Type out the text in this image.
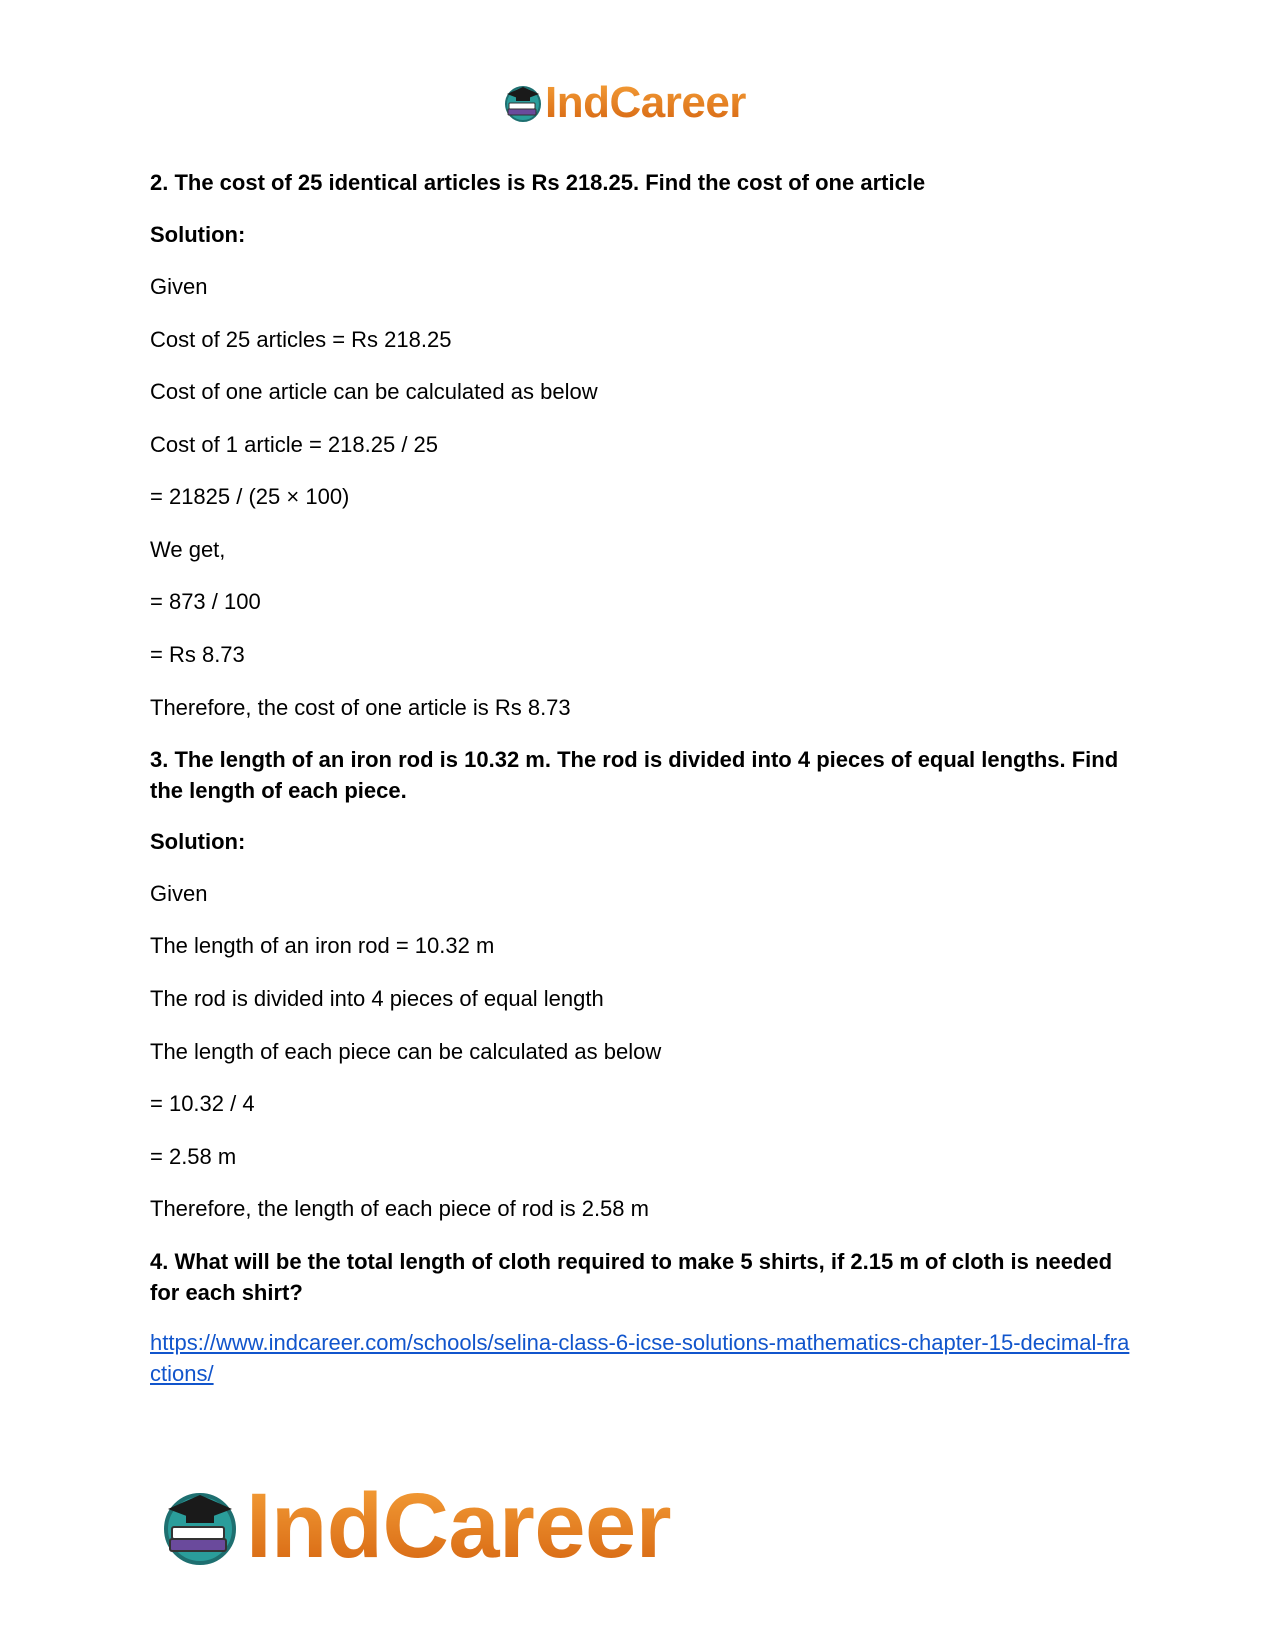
IndCareer
2. The cost of 25 identical articles is Rs 218.25. Find the cost of one article
Solution:
Given
Cost of 25 articles = Rs 218.25
Cost of one article can be calculated as below
Cost of 1 article = 218.25 / 25
= 21825 / (25 × 100)
We get,
= 873 / 100
= Rs 8.73
Therefore, the cost of one article is Rs 8.73
3. The length of an iron rod is 10.32 m. The rod is divided into 4 pieces of equal lengths. Find the length of each piece.
Solution:
Given
The length of an iron rod = 10.32 m
The rod is divided into 4 pieces of equal length
The length of each piece can be calculated as below
= 10.32 / 4
= 2.58 m
Therefore, the length of each piece of rod is 2.58 m
4. What will be the total length of cloth required to make 5 shirts, if 2.15 m of cloth is needed for each shirt?
https://www.indcareer.com/schools/selina-class-6-icse-solutions-mathematics-chapter-15-decimal-fractions/
IndCareer
